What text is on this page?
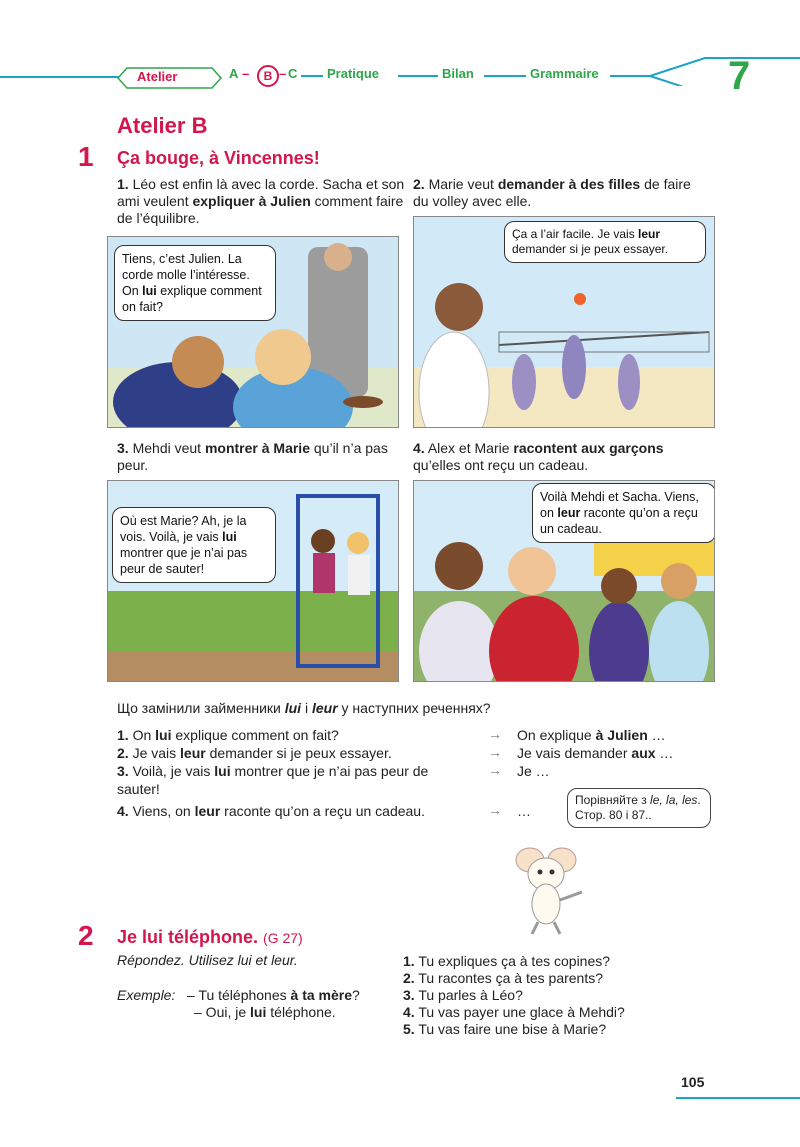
Atelier	A –	B – C Pratique	Bilan	Grammaire	7
Atelier B
1 Ça bouge, à Vincennes!
1. Léo est enfin là avec la corde. Sacha et son ami veulent expliquer à Julien comment faire de l’équilibre.
2. Marie veut demander à des filles de faire du volley avec elle.
Tiens, c’est Julien. La corde molle l’intéresse. On lui explique comment on fait?
Ça a l’air facile. Je vais leur demander si je peux essayer.
3. Mehdi veut montrer à Marie qu’il n’a pas peur.
4. Alex et Marie racontent aux garçons qu’elles ont reçu un cadeau.
Où est Marie? Ah, je la vois. Voilà, je vais lui montrer que je n’ai pas peur de sauter!
Voilà Mehdi et Sacha. Viens, on leur raconte qu’on a reçu un cadeau.
Що замінили займенники lui і leur у наступних реченнях?
1. On lui explique comment on fait?	→ On explique à Julien …
2. Je vais leur demander si je peux essayer.	→ Je vais demander aux …
3. Voilà, je vais lui montrer que je n’ai pas peur de sauter!
→ Je …
4. Viens, on leur raconte qu’on a reçu un cadeau.	→ …
Порівняйте з le, la, les. Стор. 80 і 87..
2 Je lui téléphone. (G 27)
Répondez. Utilisez lui et leur.
Exemple: – Tu téléphones à ta mère?
– Oui, je lui téléphone.
1. Tu expliques ça à tes copines?
2. Tu racontes ça à tes parents?
3. Tu parles à Léo?
4. Tu vas payer une glace à Mehdi?
5. Tu vas faire une bise à Marie?
105
